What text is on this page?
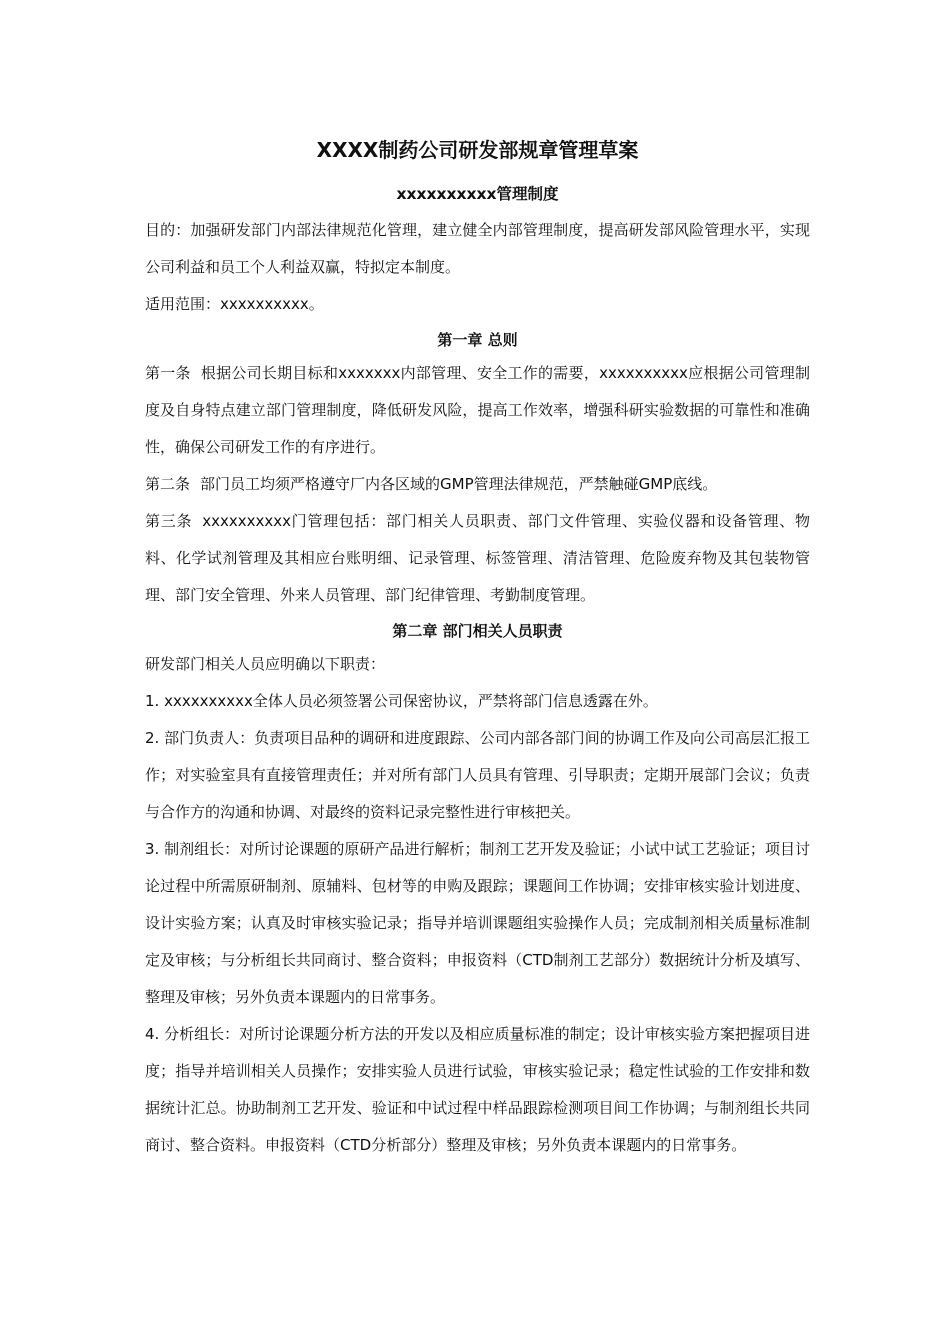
XXXX制药公司研发部规章管理草案
xxxxxxxxxx管理制度

目的：加强研发部门内部法律规范化管理，建立健全内部管理制度，提高研发部风险管理水平，实现公司利益和员工个人利益双赢，特拟定本制度。

适用范围：xxxxxxxxxx。

第一章 总则

第一条 根据公司长期目标和xxxxxxx内部管理、安全工作的需要，xxxxxxxxxx应根据公司管理制度及自身特点建立部门管理制度，降低研发风险，提高工作效率，增强科研实验数据的可靠性和准确性，确保公司研发工作的有序进行。

第二条 部门员工均须严格遵守厂内各区域的GMP管理法律规范，严禁触碰GMP底线。

第三条 xxxxxxxxxx门管理包括：部门相关人员职责、部门文件管理、实验仪器和设备管理、物料、化学试剂管理及其相应台账明细、记录管理、标签管理、清洁管理、危险废弃物及其包装物管理、部门安全管理、外来人员管理、部门纪律管理、考勤制度管理。

第二章 部门相关人员职责

研发部门相关人员应明确以下职责：

1. xxxxxxxxxx全体人员必须签署公司保密协议，严禁将部门信息透露在外。

2. 部门负责人：负责项目品种的调研和进度跟踪、公司内部各部门间的协调工作及向公司高层汇报工作；对实验室具有直接管理责任；并对所有部门人员具有管理、引导职责；定期开展部门会议；负责与合作方的沟通和协调、对最终的资料记录完整性进行审核把关。

3. 制剂组长：对所讨论课题的原研产品进行解析；制剂工艺开发及验证；小试中试工艺验证；项目讨论过程中所需原研制剂、原辅料、包材等的申购及跟踪；课题间工作协调；安排审核实验计划进度、设计实验方案；认真及时审核实验记录；指导并培训课题组实验操作人员；完成制剂相关质量标准制定及审核；与分析组长共同商讨、整合资料；申报资料（CTD制剂工艺部分）数据统计分析及填写、整理及审核；另外负责本课题内的日常事务。

4. 分析组长：对所讨论课题分析方法的开发以及相应质量标准的制定；设计审核实验方案把握项目进度；指导并培训相关人员操作；安排实验人员进行试验，审核实验记录；稳定性试验的工作安排和数据统计汇总。协助制剂工艺开发、验证和中试过程中样品跟踪检测项目间工作协调；与制剂组长共同商讨、整合资料。申报资料（CTD分析部分）整理及审核；另外负责本课题内的日常事务。
